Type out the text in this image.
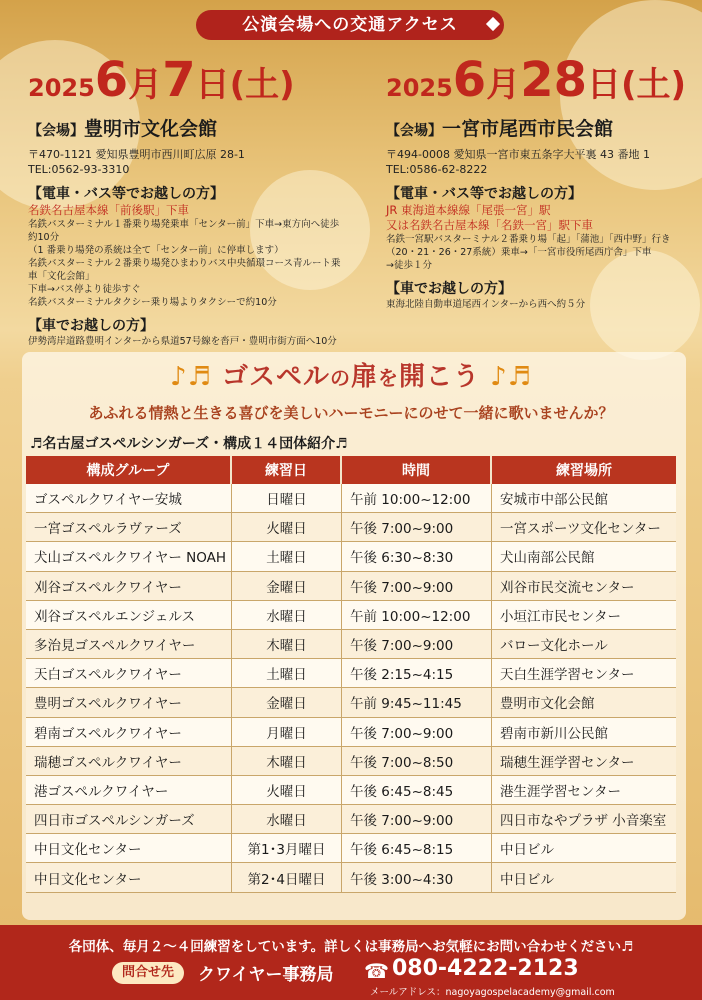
公演会場への交通アクセス
20256月7日(土)
【会場】豊明市文化会館
〒470-1121 愛知県豊明市西川町広原 28-1
TEL:0562-93-3310
【電車・バス等でお越しの方】
名鉄名古屋本線「前後駅」下車
名鉄バスターミナル１番乗り場発乗車「センター前」下車→東方向へ徒歩約10分
（1 番乗り場発の系統は全て「センター前」に停車します）
名鉄バスターミナル２番乗り場発ひまわりバス中央循環コース青ルート乗車「文化会館」
下車→バス停より徒歩すぐ
名鉄バスターミナルタクシー乗り場よりタクシーで約10分
【車でお越しの方】
伊勢湾岸道路豊明インターから県道57号線を沓戸・豊明市街方面へ10分
20256月28日(土)
【会場】一宮市尾西市民会館
〒494-0008 愛知県一宮市東五条字大平裏 43 番地 1
TEL:0586-62-8222
【電車・バス等でお越しの方】
JR 東海道本線線「尾張一宮」駅
又は名鉄名古屋本線「名鉄一宮」駅下車
名鉄一宮駅バスターミナル２番乗り場「起」「蒲池」「西中野」行き
（20・21・26・27系統）乗車→「一宮市役所尾西庁舎」下車
→徒歩１分
【車でお越しの方】
東海北陸自動車道尾西インターから西へ約５分
♪♬ ゴスペルの扉を開こう ♪♬
あふれる情熱と生きる喜びを美しいハーモニーにのせて一緒に歌いませんか？
♬名古屋ゴスペルシンガーズ・構成１４団体紹介♬
構成グループ	練習日	時間	練習場所
ゴスペルクワイヤー安城	日曜日	午前 10:00~12:00	安城市中部公民館
一宮ゴスペルラヴァーズ	火曜日	午後 7:00~9:00	一宮スポーツ文化センター
犬山ゴスペルクワイヤー NOAH	土曜日	午後 6:30~8:30	犬山南部公民館
刈谷ゴスペルクワイヤー	金曜日	午後 7:00~9:00	刈谷市民交流センター
刈谷ゴスペルエンジェルス	水曜日	午前 10:00~12:00	小垣江市民センター
多治見ゴスペルクワイヤー	木曜日	午後 7:00~9:00	バロー文化ホール
天白ゴスペルクワイヤー	土曜日	午後 2:15~4:15	天白生涯学習センター
豊明ゴスペルクワイヤー	金曜日	午前 9:45~11:45	豊明市文化会館
碧南ゴスペルクワイヤー	月曜日	午後 7:00~9:00	碧南市新川公民館
瑞穂ゴスペルクワイヤー	木曜日	午後 7:00~8:50	瑞穂生涯学習センター
港ゴスペルクワイヤー	火曜日	午後 6:45~8:45	港生涯学習センター
四日市ゴスペルシンガーズ	水曜日	午後 7:00~9:00	四日市なやプラザ 小音楽室
中日文化センター	第1･3月曜日	午後 6:45~8:15	中日ビル
中日文化センター	第2･4日曜日	午後 3:00~4:30	中日ビル
各団体、毎月２～４回練習をしています。詳しくは事務局へお気軽にお問い合わせください♬
問合せ先	クワイヤー事務局 ☎ 080-4222-2123
メールアドレス：nagoyagospelacademy@gmail.com
